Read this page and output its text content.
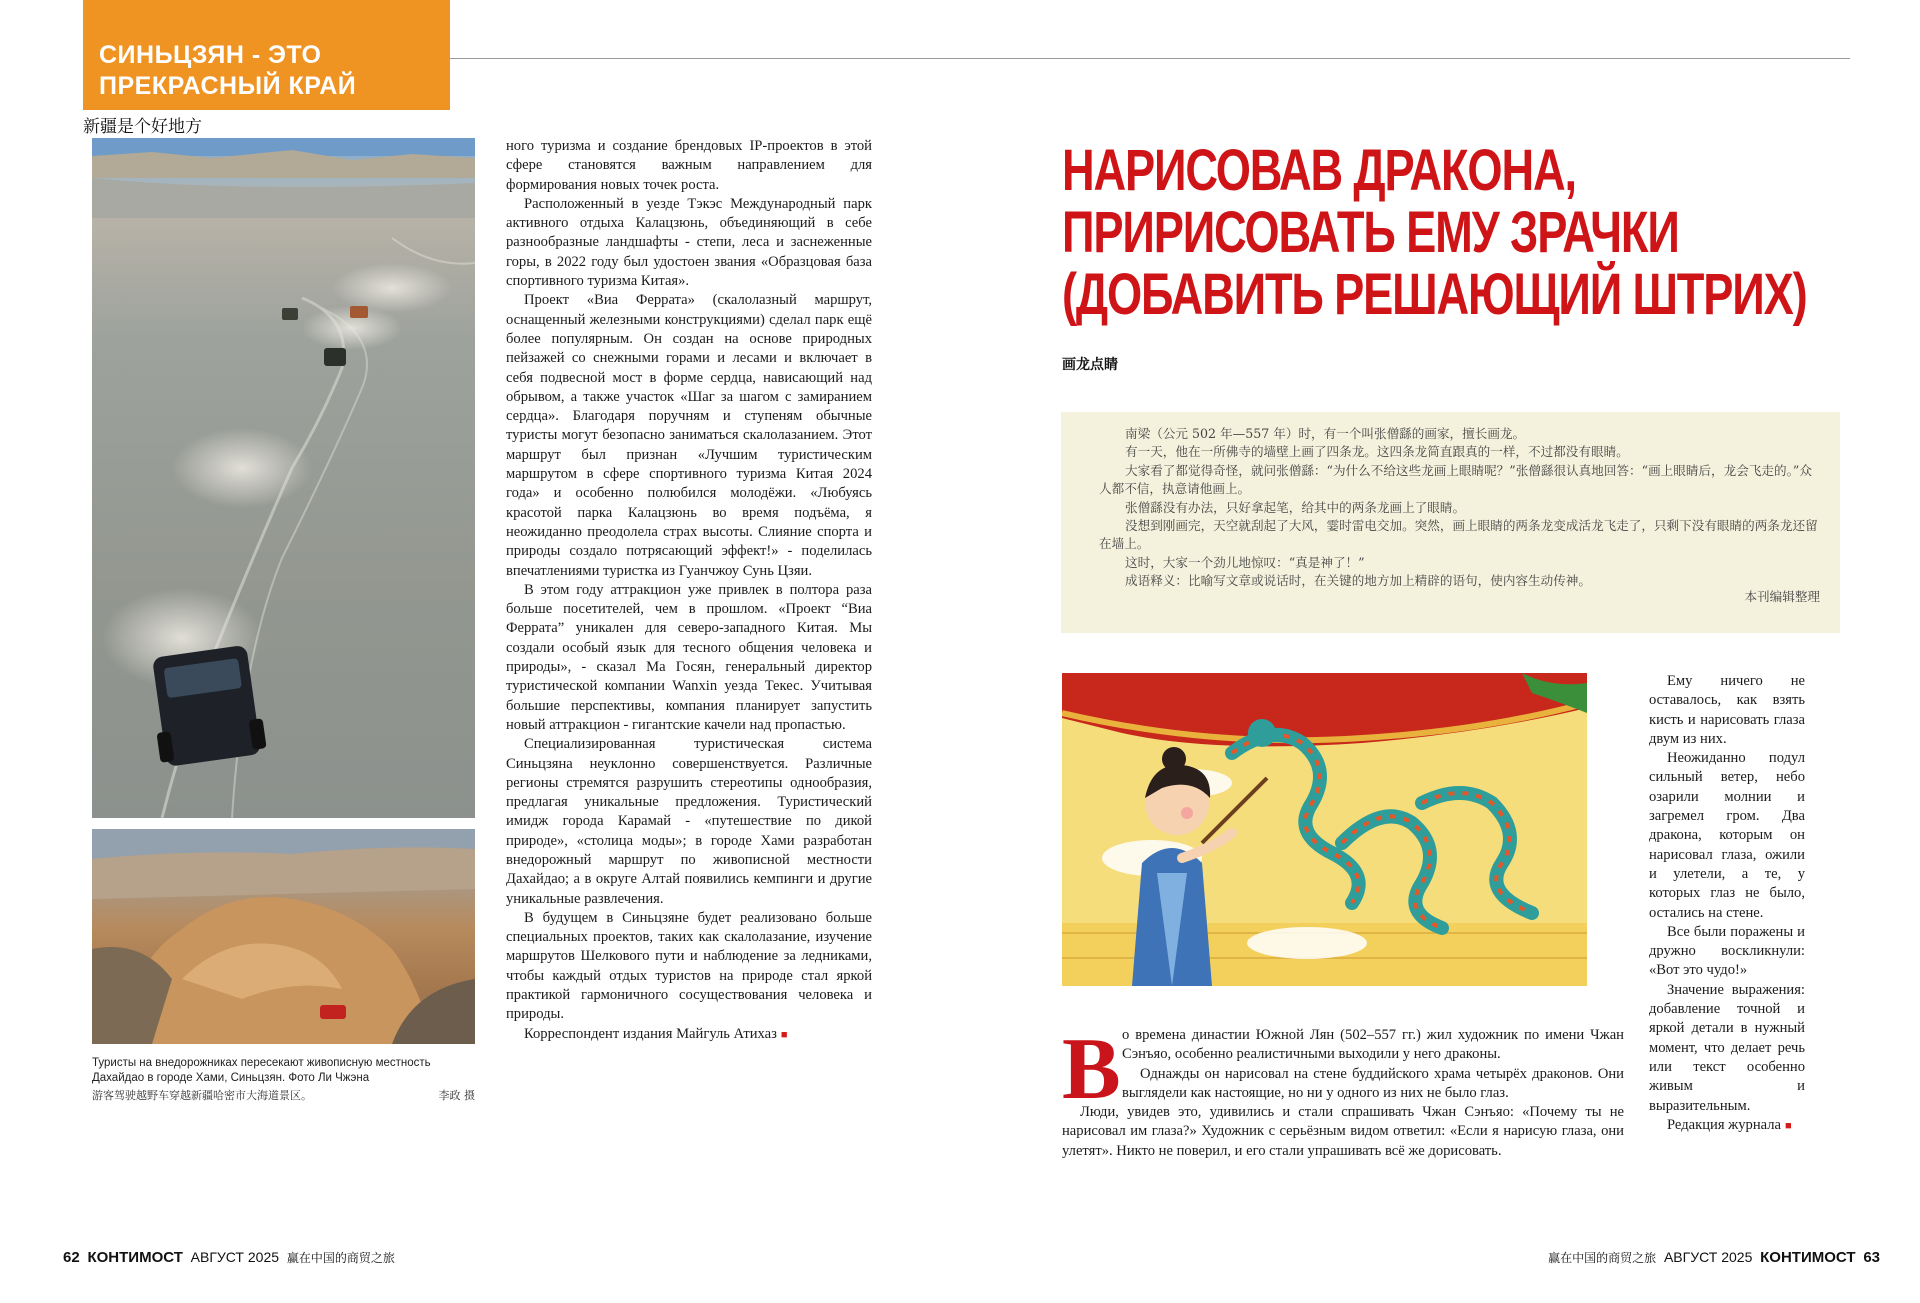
СИНЬЦЗЯН - ЭТО
ПРЕКРАСНЫЙ КРАЙ
新疆是个好地方
Туристы на внедорожниках пересекают живописную местность
Дахайдао в городе Хами, Синьцзян. Фото Ли Чжэна
游客驾驶越野车穿越新疆哈密市大海道景区。	李政 摄

ного туризма и создание брендовых IP-проектов в этой сфере становятся важным направлением для формирования новых точек роста.

Расположенный в уезде Тэкэс Международный парк активного отдыха Калацзюнь, объединяющий в себе разнообразные ландшафты - степи, леса и заснеженные горы, в 2022 году был удостоен звания «Образцовая база спортивного туризма Китая».

Проект «Виа Феррата» (скалолазный маршрут, оснащенный железными конструкциями) сделал парк ещё более популярным. Он создан на основе природных пейзажей со снежными горами и лесами и включает в себя подвесной мост в форме сердца, нависающий над обрывом, а также участок «Шаг за шагом с замиранием сердца». Благодаря поручням и ступеням обычные туристы могут безопасно заниматься скалолазанием. Этот маршрут был признан «Лучшим туристическим маршрутом в сфере спортивного туризма Китая 2024 года» и особенно полюбился молодёжи. «Любуясь красотой парка Калацзюнь во время подъёма, я неожиданно преодолела страх высоты. Слияние спорта и природы создало потрясающий эффект!» - поделилась впечатлениями туристка из Гуанчжоу Сунь Цзяи.

В этом году аттракцион уже привлек в полтора раза больше посетителей, чем в прошлом. «Проект “Виа Феррата” уникален для северо-западного Китая. Мы создали особый язык для тесного общения человека и природы», - сказал Ма Госян, генеральный директор туристической компании Wanxin уезда Текес. Учитывая большие перспективы, компания планирует запустить новый аттракцион - гигантские качели над пропастью.

Специализированная туристическая система Синьцзяна неуклонно совершенствуется. Различные регионы стремятся разрушить стереотипы однообразия, предлагая уникальные предложения. Туристический имидж города Карамай - «путешествие по дикой природе», «столица моды»; в городе Хами разработан внедорожный маршрут по живописной местности Дахайдао; а в округе Алтай появились кемпинги и другие уникальные развлечения.

В будущем в Синьцзяне будет реализовано больше специальных проектов, таких как скалолазание, изучение маршрутов Шелкового пути и наблюдение за ледниками, чтобы каждый отдых туристов на природе стал яркой практикой гармоничного сосуществования человека и природы.

Корреспондент издания Майгуль Атихаз ■

НАРИСОВАВ ДРАКОНА,
ПРИРИСОВАТЬ ЕМУ ЗРАЧКИ
(ДОБАВИТЬ РЕШАЮЩИЙ ШТРИХ)
画龙点睛

南梁（公元 502 年—557 年）时，有一个叫张僧繇的画家，擅长画龙。

有一天，他在一所佛寺的墙壁上画了四条龙。这四条龙简直跟真的一样，不过都没有眼睛。

大家看了都觉得奇怪，就问张僧繇：“为什么不给这些龙画上眼睛呢？”张僧繇很认真地回答：“画上眼睛后，龙会飞走的。”众人都不信，执意请他画上。

张僧繇没有办法，只好拿起笔，给其中的两条龙画上了眼睛。

没想到刚画完，天空就刮起了大风，霎时雷电交加。突然，画上眼睛的两条龙变成活龙飞走了，只剩下没有眼睛的两条龙还留在墙上。

这时，大家一个劲儿地惊叹：“真是神了！”

成语释义：比喻写文章或说话时，在关键的地方加上精辟的语句，使内容生动传神。

本刊编辑整理
В о времена династии Южной Лян (502–557 гг.) жил художник по имени Чжан Сэнъяо, особенно реалистичными выходили у него драконы.

Однажды он нарисовал на стене буддийского храма четырёх драконов. Они выглядели как настоящие, но ни у одного из них не было глаз.

Люди, увидев это, удивились и стали спрашивать Чжан Сэнъяо: «Почему ты не нарисовал им глаза?» Художник с серьёзным видом ответил: «Если я нарисую глаза, они улетят». Никто не поверил, и его стали упрашивать всё же дорисовать.

Ему ничего не оставалось, как взять кисть и нарисовать глаза двум из них.

Неожиданно подул сильный ветер, небо озарили молнии и загремел гром. Два дракона, которым он нарисовал глаза, ожили и улетели, а те, у которых глаз не было, остались на стене.

Все были поражены и дружно воскликнули: «Вот это чудо!»

Значение выражения: добавление точной и яркой детали в нужный момент, что делает речь или текст особенно живым и выразительным.

Редакция журнала ■

62 КОНТИМОСТ АВГУСТ 2025 赢在中国的商贸之旅	赢在中国的商贸之旅 АВГУСТ 2025 КОНТИМОСТ 63
